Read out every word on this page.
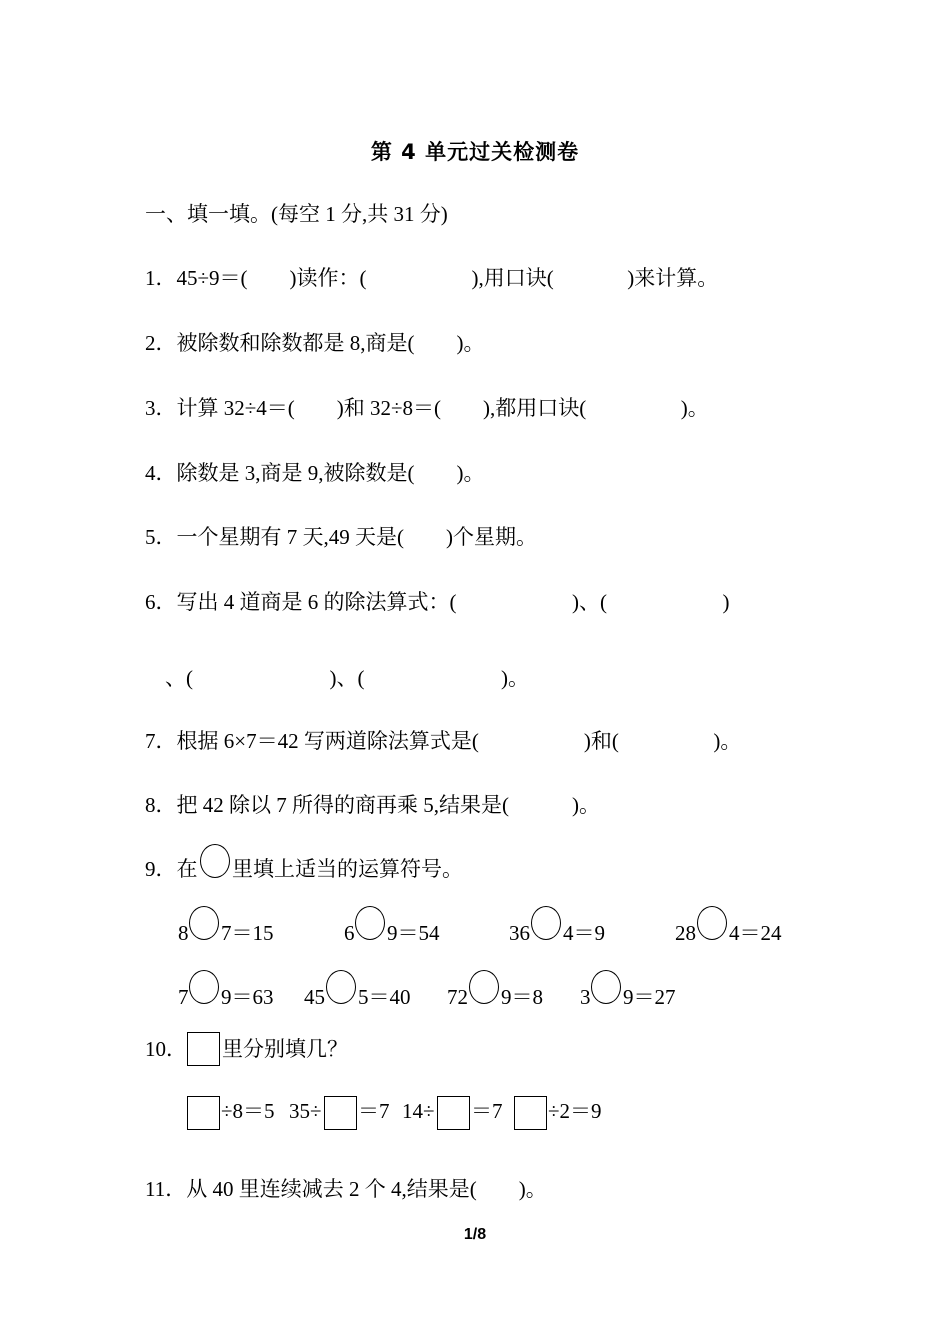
第 4 单元过关检测卷
一、填一填。(每空 1 分,共 31 分)
1．45÷9＝(        )读作：(                    ),用口诀(              )来计算。
2．被除数和除数都是 8,商是(        )。
3．计算 32÷4＝(        )和 32÷8＝(        ),都用口诀(                  )。
4．除数是 3,商是 9,被除数是(        )。
5．一个星期有 7 天,49 天是(        )个星期。
6．写出 4 道商是 6 的除法算式：(                      )、(                      )
、(                          )、(                          )。
7．根据 6×7＝42 写两道除法算式是(                    )和(                  )。
8．把 42 除以 7 所得的商再乘 5,结果是(            )。
9．在 里填上适当的运算符号。
8 7＝15	6 9＝54	36 4＝9	28 4＝24
7 9＝63 45 5＝40 72 9＝8 3 9＝27
10． 里分别填几？
÷8＝5 35÷ ＝7 14÷ ＝7 ÷2＝9
11．从 40 里连续减去 2 个 4,结果是(        )。
1/8
